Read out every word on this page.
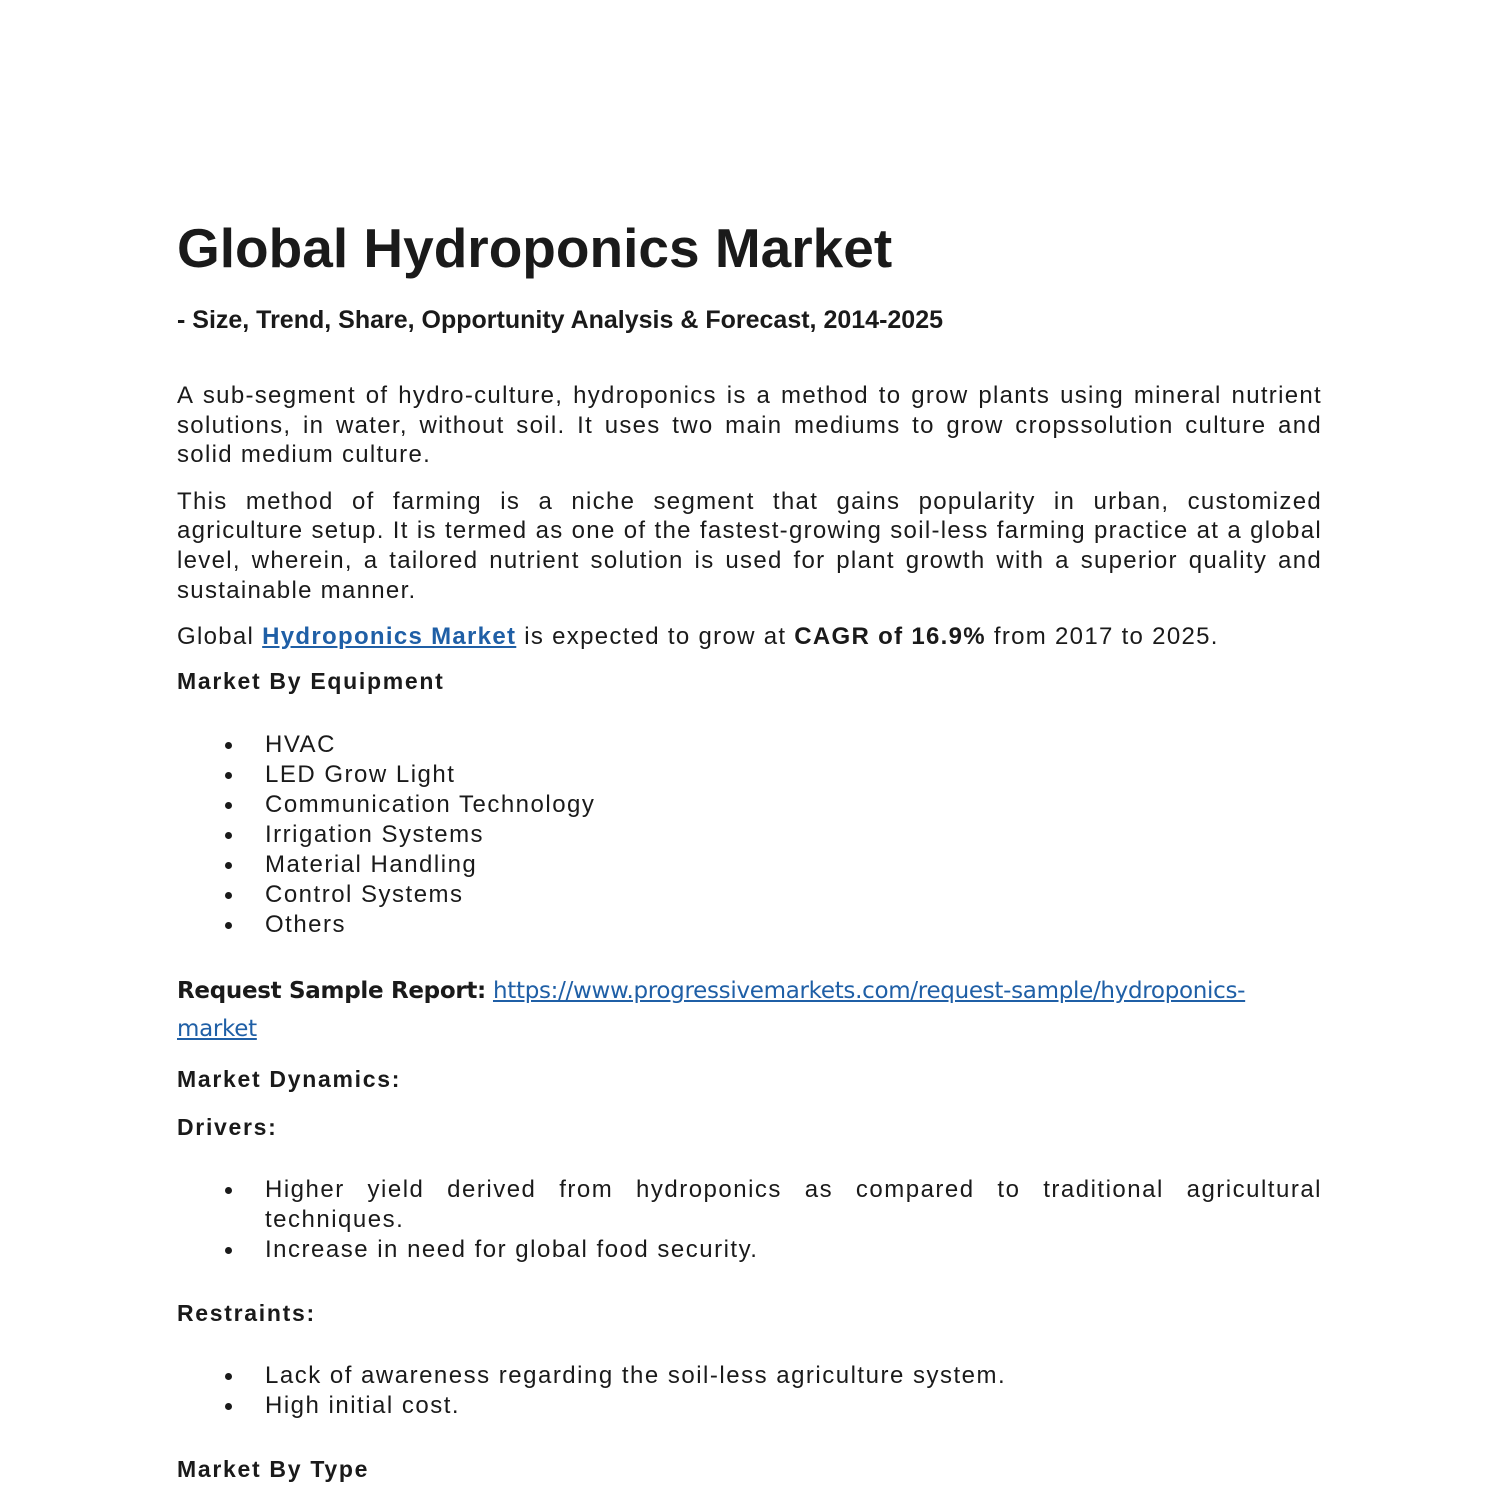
Global Hydroponics Market
- Size, Trend, Share, Opportunity Analysis & Forecast, 2014-2025

A sub-segment of hydro-culture, hydroponics is a method to grow plants using mineral nutrient solutions, in water, without soil. It uses two main mediums to grow cropssolution culture and solid medium culture.

This method of farming is a niche segment that gains popularity in urban, customized agriculture setup. It is termed as one of the fastest-growing soil-less farming practice at a global level, wherein, a tailored nutrient solution is used for plant growth with a superior quality and sustainable manner.

Global Hydroponics Market is expected to grow at CAGR of 16.9% from 2017 to 2025.

Market By Equipment
HVAC
LED Grow Light
Communication Technology
Irrigation Systems
Material Handling
Control Systems
Others

Request Sample Report: https://www.progressivemarkets.com/request-sample/hydroponics-
market

Market Dynamics:
Drivers:
Higher yield derived from hydroponics as compared to traditional agricultural techniques.
Increase in need for global food security.
Restraints:
Lack of awareness regarding the soil-less agriculture system.
High initial cost.
Market By Type
